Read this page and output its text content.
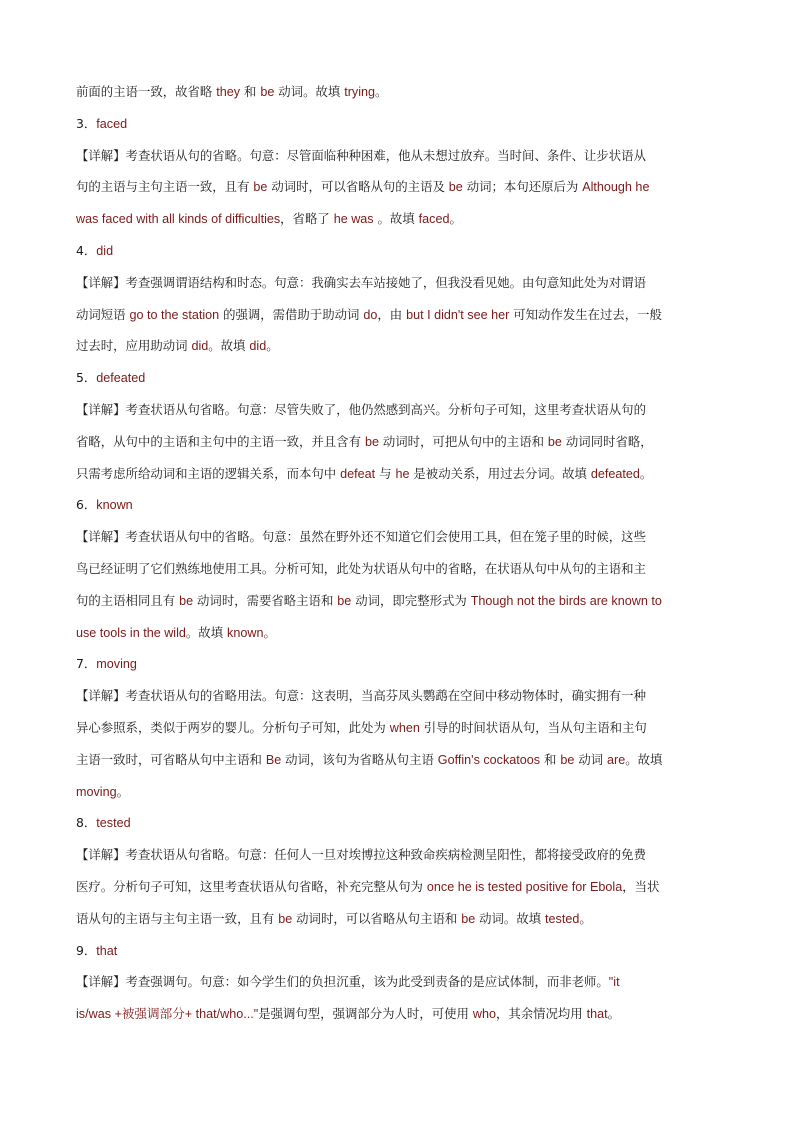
前面的主语一致，故省略 they 和 be 动词。故填 trying。
3．faced
【详解】考查状语从句的省略。句意：尽管面临种种困难，他从未想过放弃。当时间、条件、让步状语从
句的主语与主句主语一致，且有 be 动词时，可以省略从句的主语及 be 动词；本句还原后为 Although he
was faced with all kinds of difficulties，省略了 he was 。故填 faced。
4．did
【详解】考查强调谓语结构和时态。句意：我确实去车站接她了，但我没看见她。由句意知此处为对谓语
动词短语 go to the station 的强调，需借助于助动词 do，由 but I didn't see her 可知动作发生在过去，一般
过去时，应用助动词 did。故填 did。
5．defeated
【详解】考查状语从句省略。句意：尽管失败了，他仍然感到高兴。分析句子可知，这里考查状语从句的
省略，从句中的主语和主句中的主语一致，并且含有 be 动词时，可把从句中的主语和 be 动词同时省略，
只需考虑所给动词和主语的逻辑关系，而本句中 defeat 与 he 是被动关系，用过去分词。故填 defeated。
6．known
【详解】考查状语从句中的省略。句意：虽然在野外还不知道它们会使用工具，但在笼子里的时候，这些
鸟已经证明了它们熟练地使用工具。分析可知，此处为状语从句中的省略，在状语从句中从句的主语和主
句的主语相同且有 be 动词时，需要省略主语和 be 动词，即完整形式为 Though not the birds are known to
use tools in the wild。故填 known。
7．moving
【详解】考查状语从句的省略用法。句意：这表明，当高芬凤头鹦鹉在空间中移动物体时，确实拥有一种
异心参照系，类似于两岁的婴儿。分析句子可知，此处为 when 引导的时间状语从句，当从句主语和主句
主语一致时，可省略从句中主语和 Be 动词，该句为省略从句主语 Goffin's cockatoos 和 be 动词 are。故填
moving。
8．tested
【详解】考查状语从句省略。句意：任何人一旦对埃博拉这种致命疾病检测呈阳性，都将接受政府的免费
医疗。分析句子可知，这里考查状语从句省略，补充完整从句为 once he is tested positive for Ebola，当状
语从句的主语与主句主语一致，且有 be 动词时，可以省略从句主语和 be 动词。故填 tested。
9．that
【详解】考查强调句。句意：如今学生们的负担沉重，该为此受到责备的是应试体制，而非老师。"it
is/was +被强调部分+ that/who..."是强调句型，强调部分为人时，可使用 who，其余情况均用 that。
